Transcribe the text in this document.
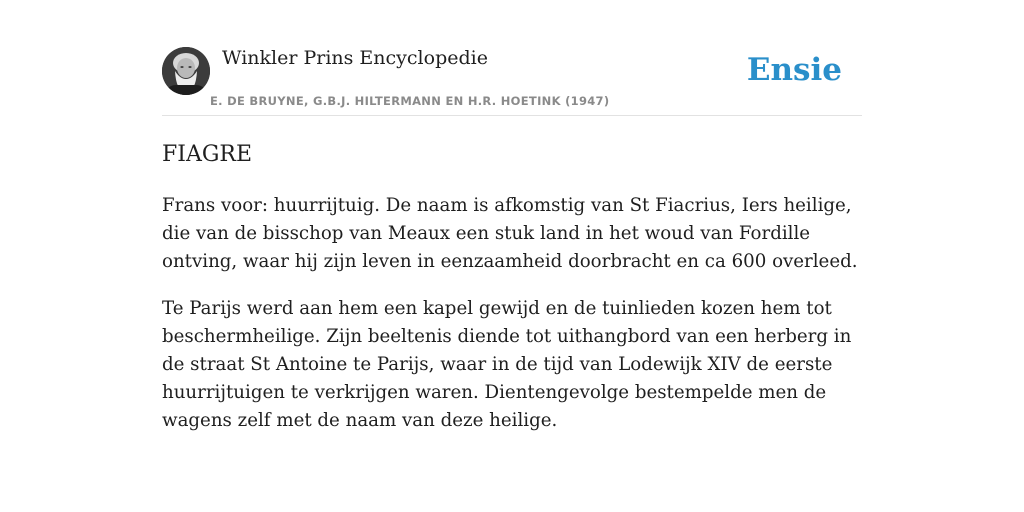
Winkler Prins Encyclopedie
E. DE BRUYNE, G.B.J. HILTERMANN EN H.R. HOETINK (1947)
Ensie
FIAGRE

Frans voor: huurrijtuig. De naam is afkomstig van St Fiacrius, Iers heilige, die van de bisschop van Meaux een stuk land in het woud van Fordille ontving, waar hij zijn leven in eenzaamheid doorbracht en ca 600 overleed.

Te Parijs werd aan hem een kapel gewijd en de tuinlieden kozen hem tot beschermheilige. Zijn beeltenis diende tot uithangbord van een herberg in de straat St Antoine te Parijs, waar in de tijd van Lodewijk XIV de eerste huurrijtuigen te verkrijgen waren. Dientengevolge bestempelde men de wagens zelf met de naam van deze heilige.
